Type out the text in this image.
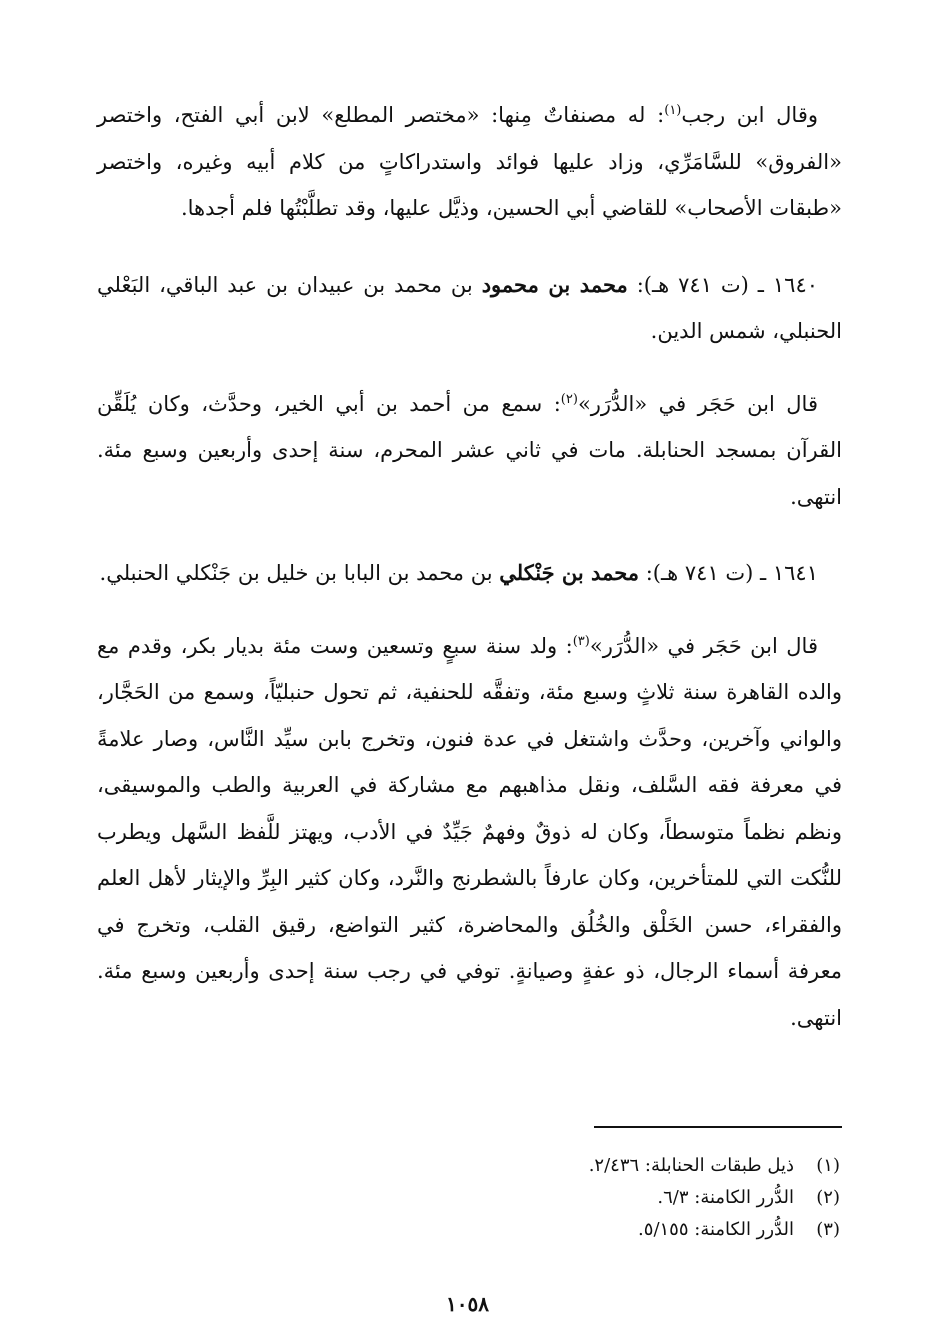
وقال ابن رجب$^{(١)}$: له مصنفاتٌ مِنها: «مختصر المطلع» لابن أبي الفتح، واختصر «الفروق» للسَّامَرِّي، وزاد عليها فوائد واستدراكاتٍ من كلام أبيه وغيره، واختصر «طبقات الأصحاب» للقاضي أبي الحسين، وذيَّل عليها، وقد تطلَّبْتُها فلم أجدها.

١٦٤٠ ـ (ت ٧٤١ هـ): محمد بن محمود بن محمد بن عبيدان بن عبد الباقي، البَعْلي الحنبلي، شمس الدين.

قال ابن حَجَر في «الدُّرَر»$^{(٢)}$: سمع من أحمد بن أبي الخير، وحدَّث، وكان يُلَقِّن القرآن بمسجد الحنابلة. مات في ثاني عشر المحرم، سنة إحدى وأربعين وسبع مئة. انتهى.

١٦٤١ ـ (ت ٧٤١ هـ): محمد بن جَنْكلي بن محمد بن البابا بن خليل بن جَنْكلي الحنبلي.

قال ابن حَجَر في «الدُّرَر»$^{(٣)}$: ولد سنة سبعٍ وتسعين وست مئة بديار بكر، وقدم مع والده القاهرة سنة ثلاثٍ وسبع مئة، وتفقَّه للحنفية، ثم تحول حنبليّاً، وسمع من الحَجَّار، والواني وآخرين، وحدَّث واشتغل في عدة فنون، وتخرج بابن سيِّد النَّاس، وصار علامةً في معرفة فقه السَّلف، ونقل مذاهبهم مع مشاركة في العربية والطب والموسيقى، ونظم نظماً متوسطاً، وكان له ذوقٌ وفهمٌ جَيِّدٌ في الأدب، ويهتز للَّفظ السَّهل ويطرب للنُّكت التي للمتأخرين، وكان عارفاً بالشطرنج والنَّرد، وكان كثير البِرِّ والإيثار لأهل العلم والفقراء، حسن الخَلْق والخُلُق والمحاضرة، كثير التواضع، رقيق القلب، وتخرج في معرفة أسماء الرجال، ذو عفةٍ وصيانةٍ. توفي في رجب سنة إحدى وأربعين وسبع مئة. انتهى.

(١)ذيل طبقات الحنابلة: ٢/٤٣٦.

(٢)الدُّرر الكامنة: ٦/٣.

(٣)الدُّرر الكامنة: ٥/١٥٥.

١٠٥٨
